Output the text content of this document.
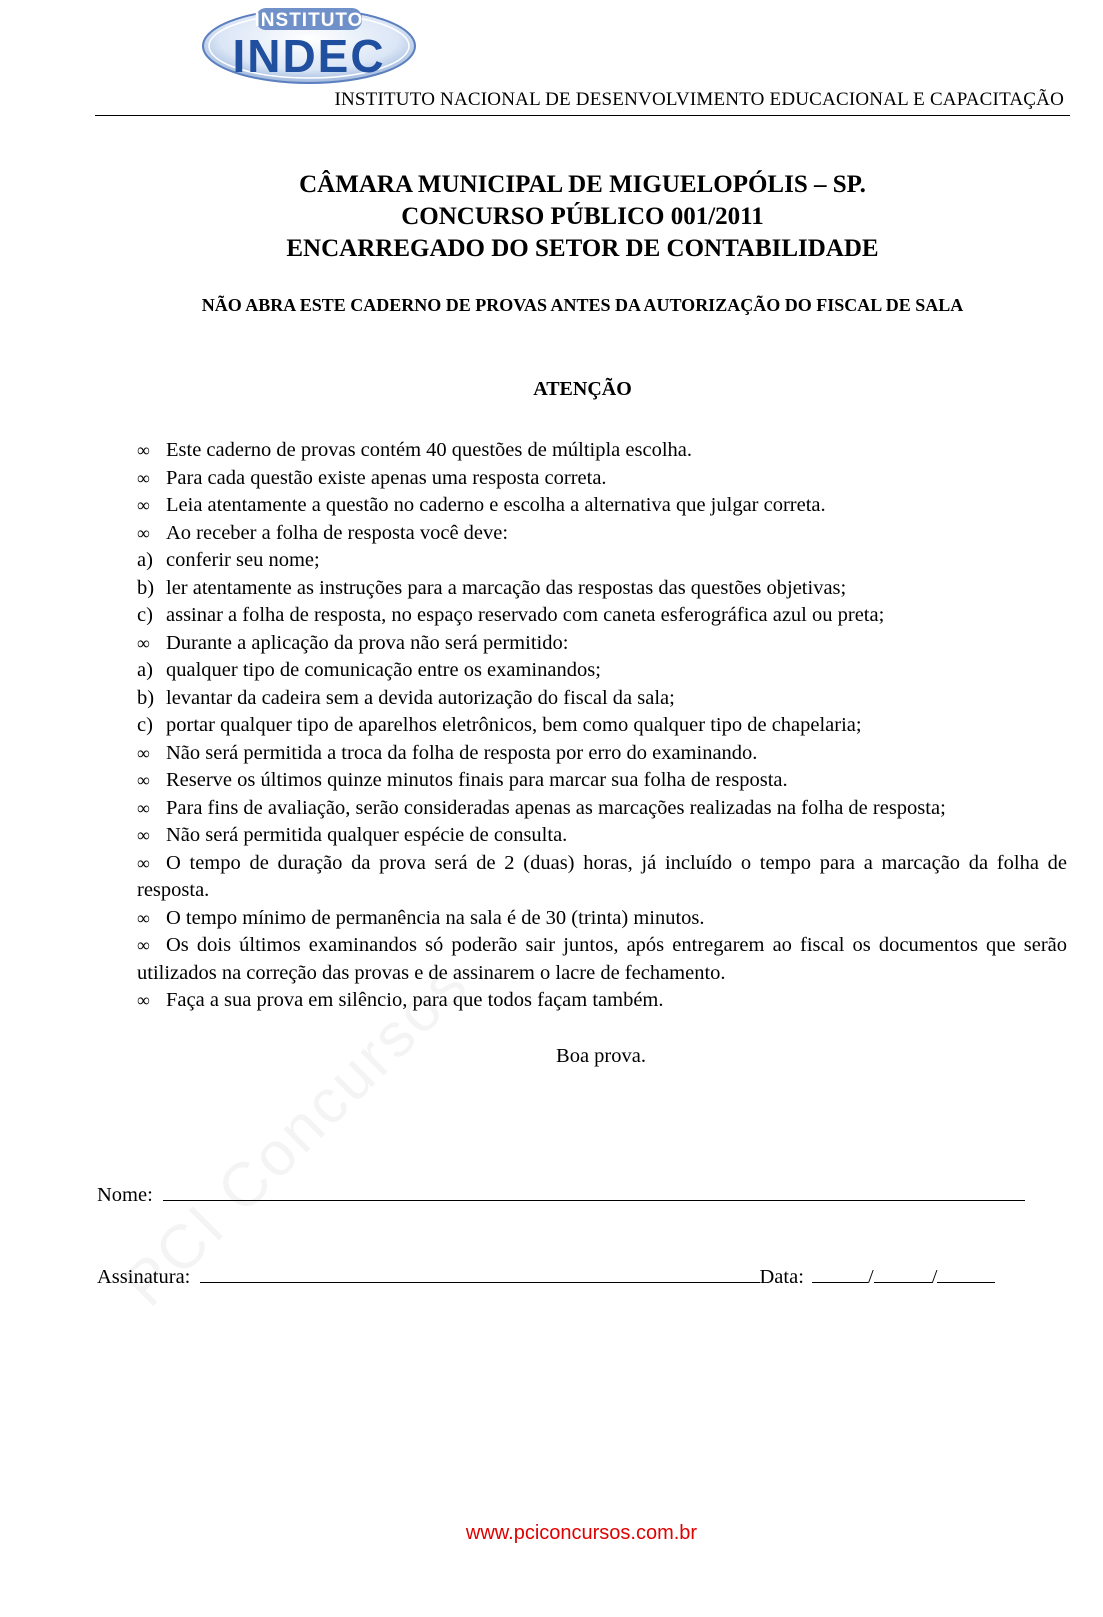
INSTITUTO
INDEC
INSTITUTO NACIONAL DE DESENVOLVIMENTO EDUCACIONAL E CAPACITAÇÃO
CÂMARA MUNICIPAL DE MIGUELOPÓLIS – SP.
CONCURSO PÚBLICO 001/2011
ENCARREGADO DO SETOR DE CONTABILIDADE
NÃO ABRA ESTE CADERNO DE PROVAS ANTES DA AUTORIZAÇÃO DO FISCAL DE SALA
ATENÇÃO
∞ Este caderno de provas contém 40 questões de múltipla escolha.
∞ Para cada questão existe apenas uma resposta correta.
∞ Leia atentamente a questão no caderno e escolha a alternativa que julgar correta.
∞ Ao receber a folha de resposta você deve:
a) conferir seu nome;
b) ler atentamente as instruções para a marcação das respostas das questões objetivas;
c) assinar a folha de resposta, no espaço reservado com caneta esferográfica azul ou preta;
∞ Durante a aplicação da prova não será permitido:
a) qualquer tipo de comunicação entre os examinandos;
b) levantar da cadeira sem a devida autorização do fiscal da sala;
c) portar qualquer tipo de aparelhos eletrônicos, bem como qualquer tipo de chapelaria;
∞ Não será permitida a troca da folha de resposta por erro do examinando.
∞ Reserve os últimos quinze minutos finais para marcar sua folha de resposta.
∞ Para fins de avaliação, serão consideradas apenas as marcações realizadas na folha de resposta;
∞ Não será permitida qualquer espécie de consulta.
∞ O tempo de duração da prova será de 2 (duas) horas, já incluído o tempo para a marcação da folha de resposta.
∞ O tempo mínimo de permanência na sala é de 30 (trinta) minutos.
∞ Os dois últimos examinandos só poderão sair juntos, após entregarem ao fiscal os documentos que serão utilizados na correção das provas e de assinarem o lacre de fechamento.
∞ Faça a sua prova em silêncio, para que todos façam também.
Boa prova.
Nome:
Assinatura:	Data:	/	/
www.pciconcursos.com.br
